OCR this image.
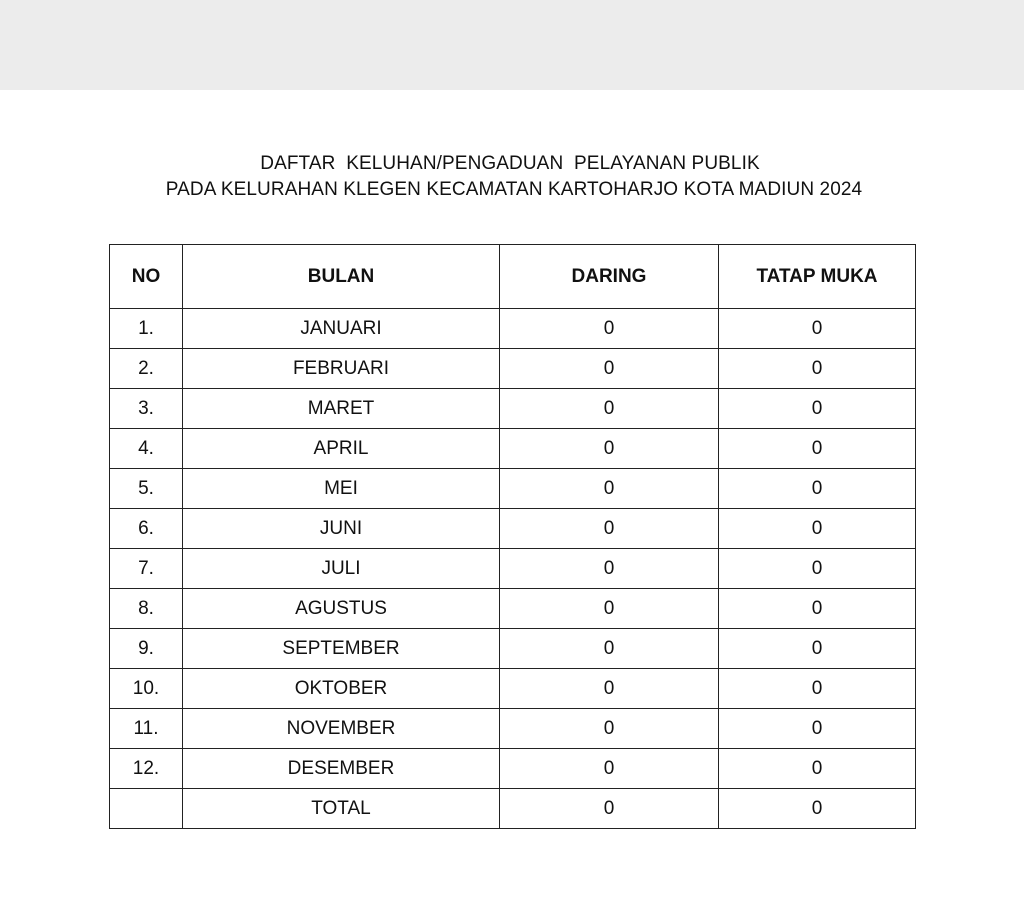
DAFTAR  KELUHAN/PENGADUAN  PELAYANAN PUBLIK
PADA KELURAHAN KLEGEN KECAMATAN KARTOHARJO KOTA MADIUN 2024
NO	BULAN	DARING	TATAP MUKA
1.	JANUARI	0	0
2.	FEBRUARI	0	0
3.	MARET	0	0
4.	APRIL	0	0
5.	MEI	0	0
6.	JUNI	0	0
7.	JULI	0	0
8.	AGUSTUS	0	0
9.	SEPTEMBER	0	0
10.	OKTOBER	0	0
11.	NOVEMBER	0	0
12.	DESEMBER	0	0
	TOTAL	0	0
